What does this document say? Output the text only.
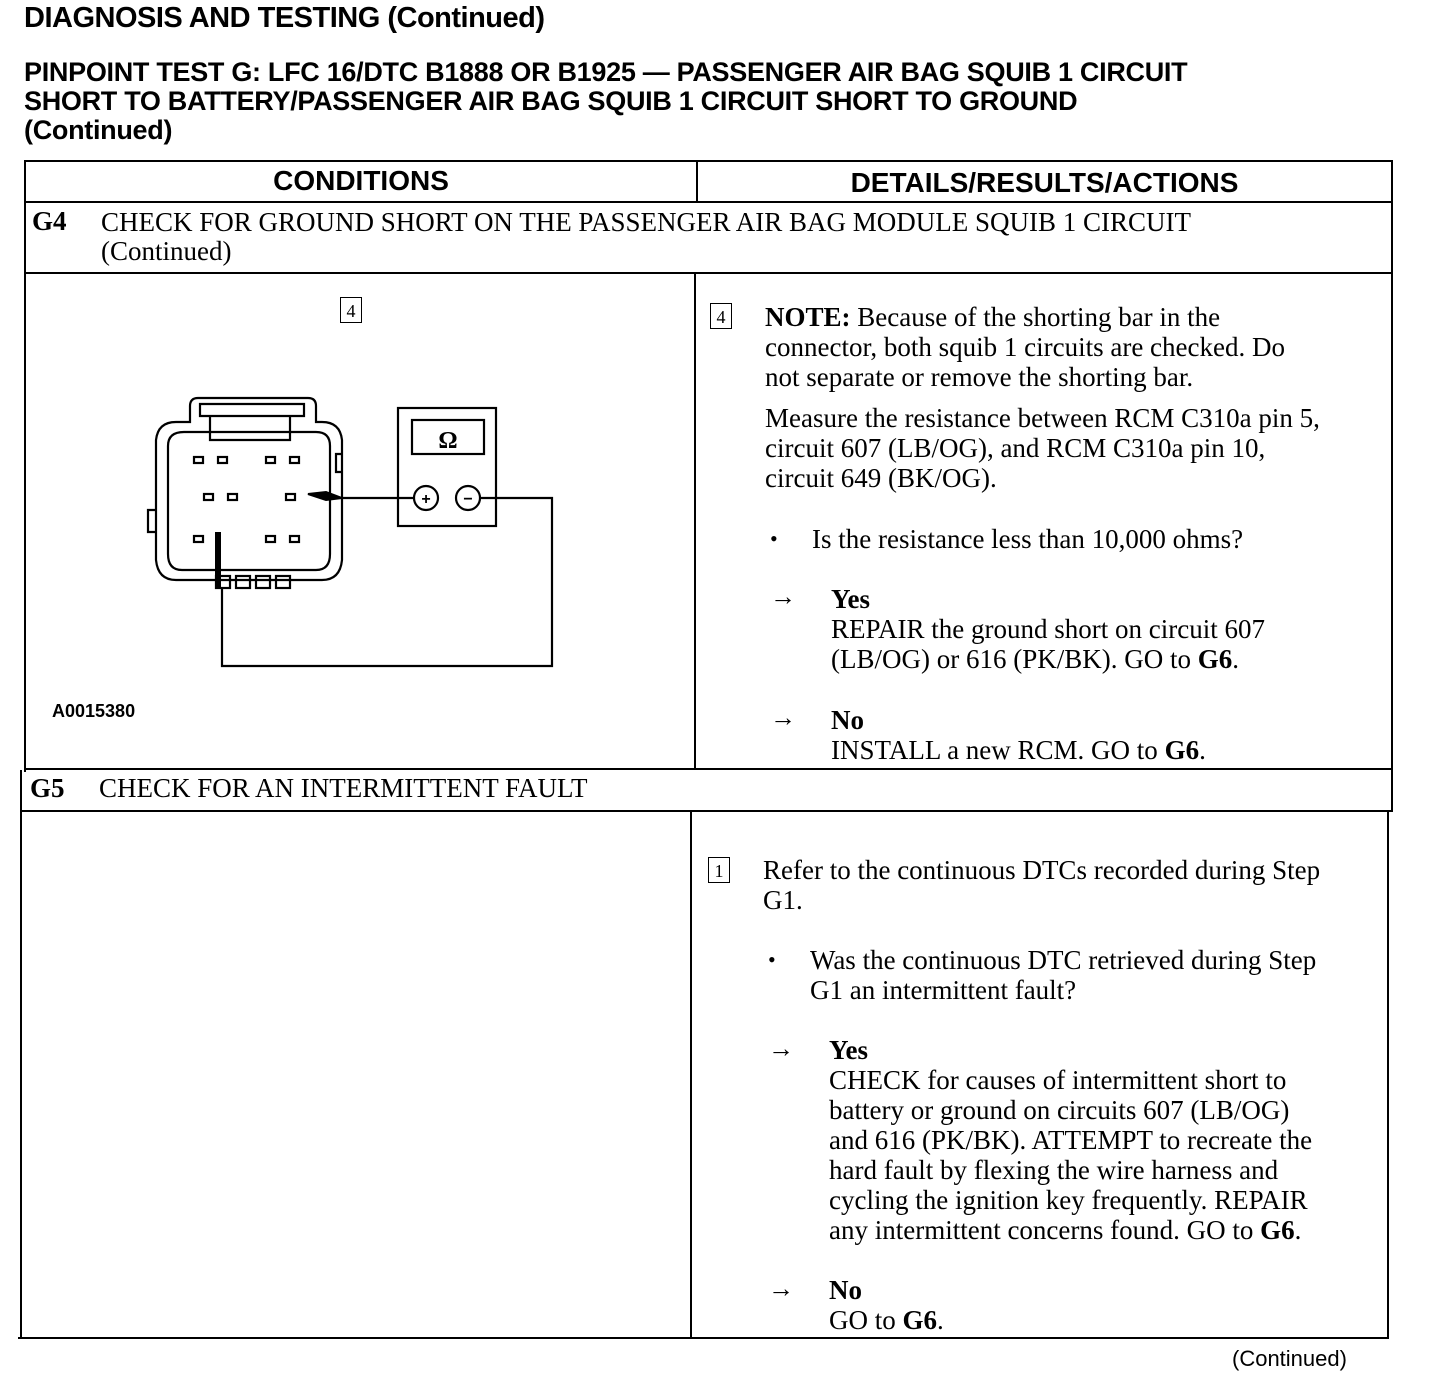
DIAGNOSIS AND TESTING (Continued)
PINPOINT TEST G: LFC 16/DTC B1888 OR B1925 — PASSENGER AIR BAG SQUIB 1 CIRCUIT
SHORT TO BATTERY/PASSENGER AIR BAG SQUIB 1 CIRCUIT SHORT TO GROUND
(Continued)
CONDITIONS	DETAILS/RESULTS/ACTIONS
G4 CHECK FOR GROUND SHORT ON THE PASSENGER AIR BAG MODULE SQUIB 1 CIRCUIT
(Continued)
4
Ω
+ −
A0015380
4 NOTE: Because of the shorting bar in the
connector, both squib 1 circuits are checked. Do
not separate or remove the shorting bar.
Measure the resistance between RCM C310a pin 5,
circuit 607 (LB/OG), and RCM C310a pin 10,
circuit 649 (BK/OG).
• Is the resistance less than 10,000 ohms?
→ Yes
REPAIR the ground short on circuit 607
(LB/OG) or 616 (PK/BK). GO to G6.
→ No
INSTALL a new RCM. GO to G6.
G5 CHECK FOR AN INTERMITTENT FAULT
1 Refer to the continuous DTCs recorded during Step
G1.
• Was the continuous DTC retrieved during Step
G1 an intermittent fault?
→ Yes
CHECK for causes of intermittent short to
battery or ground on circuits 607 (LB/OG)
and 616 (PK/BK). ATTEMPT to recreate the
hard fault by flexing the wire harness and
cycling the ignition key frequently. REPAIR
any intermittent concerns found. GO to G6.
→ No
GO to G6.
(Continued)
